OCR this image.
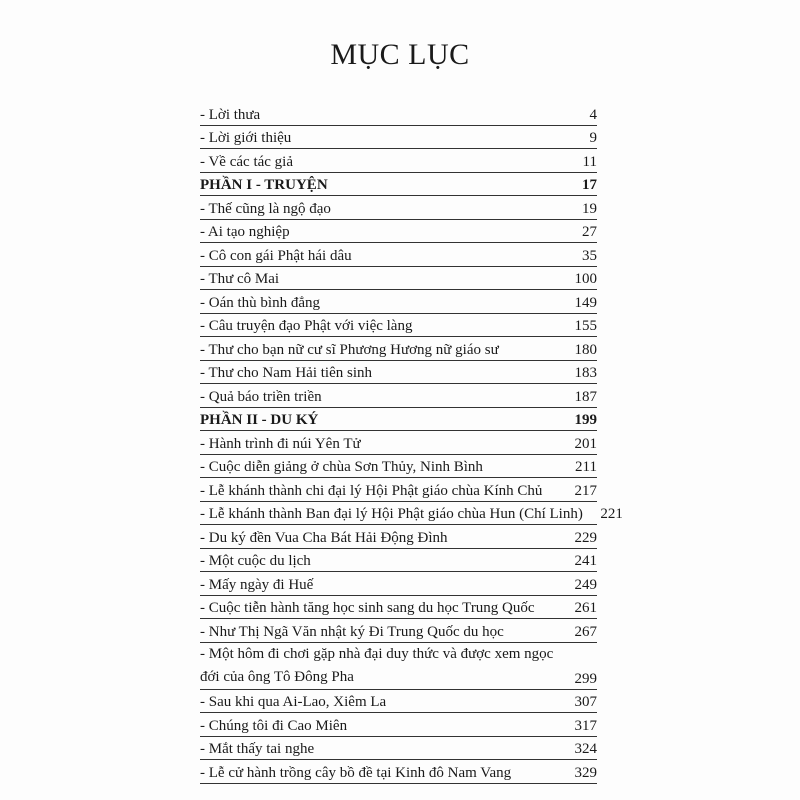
MỤC LỤC
- Lời thưa	4
- Lời giới thiệu	9
- Về các tác giả	11
PHẦN I - TRUYỆN	17
- Thế cũng là ngộ đạo	19
- Ai tạo nghiệp	27
- Cô con gái Phật hái dâu	35
- Thư cô Mai	100
- Oán thù bình đẳng	149
- Câu truyện đạo Phật với việc làng	155
- Thư cho bạn nữ cư sĩ Phương Hương nữ giáo sư	180
- Thư cho Nam Hải tiên sinh	183
- Quả báo triền triền	187
PHẦN II - DU KÝ	199
- Hành trình đi núi Yên Tử	201
- Cuộc diễn giảng ở chùa Sơn Thủy, Ninh Bình	211
- Lễ khánh thành chi đại lý Hội Phật giáo chùa Kính Chủ	217
- Lễ khánh thành Ban đại lý Hội Phật giáo chùa Hun (Chí Linh)	221
- Du ký đền Vua Cha Bát Hải Động Đình	229
- Một cuộc du lịch	241
- Mấy ngày đi Huế	249
- Cuộc tiễn hành tăng học sinh sang du học Trung Quốc	261
- Như Thị Ngã Văn nhật ký Đi Trung Quốc du học	267
- Một hôm đi chơi gặp nhà đại duy thức và được xem ngọc đới của ông Tô Đông Pha	299
- Sau khi qua Ai-Lao, Xiêm La	307
- Chúng tôi đi Cao Miên	317
- Mắt thấy tai nghe	324
- Lễ cử hành trồng cây bồ đề tại Kinh đô Nam Vang	329
